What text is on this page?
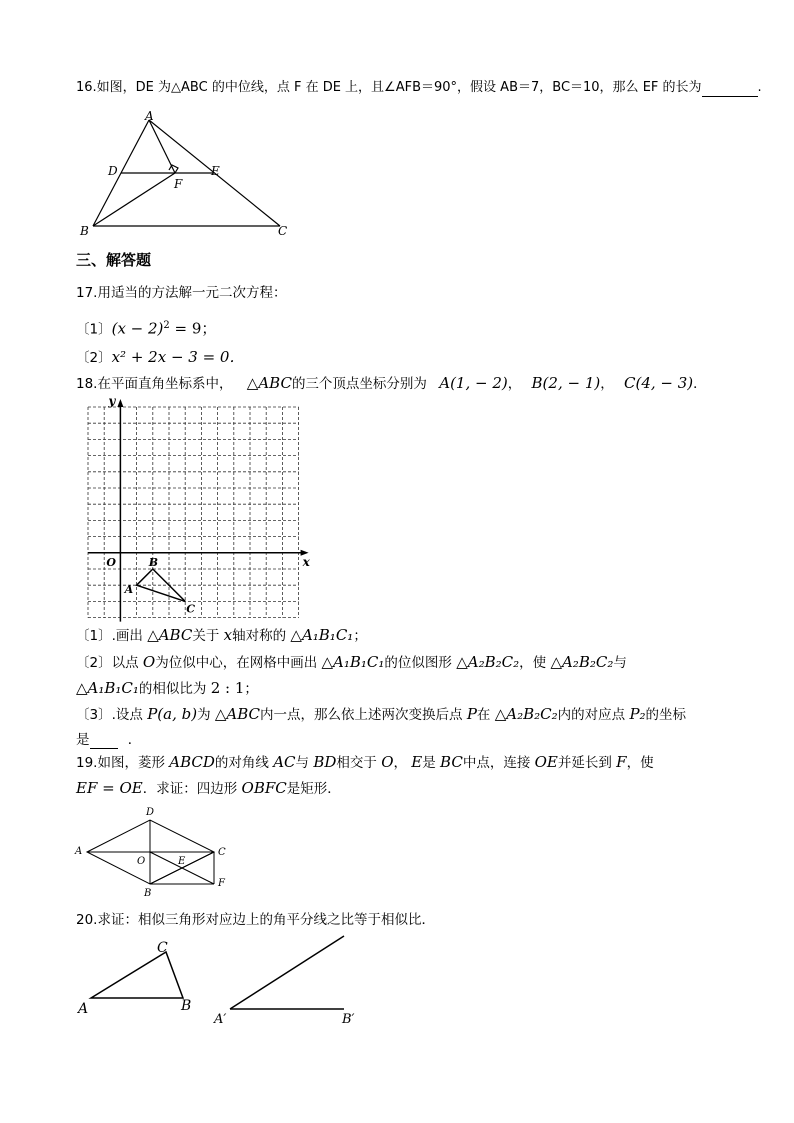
16.如图，DE 为△ABC 的中位线，点 F 在 DE 上，且∠AFB＝90°，假设 AB＝7，BC＝10，那么 EF 的长为	.
A
D	E
F
B	C
三、解答题
17.用适当的方法解一元二次方程：
〔1〕$(x - 2)^2 = 9$；
〔2〕x² + 2x − 3 = 0．
18.在平面直角坐标系中， △ABC的三个顶点坐标分别为 A(1, − 2)， B(2, − 1)， C(4, − 3)．
x
y
O
A
B
C
〔1〕.画出 △ABC关于 x轴对称的 △A₁B₁C₁；
〔2〕以点 O为位似中心，在网格中画出 △A₁B₁C₁的位似图形 △A₂B₂C₂，使 △A₂B₂C₂与
△A₁B₁C₁的相似比为 2 : 1；
〔3〕.设点 P(a, b)为 △ABC内一点，那么依上述两次变换后点 P在 △A₂B₂C₂内的对应点 P₂的坐标
是	．
19.如图，菱形 ABCD的对角线 AC与 BD相交于 O， E是 BC中点，连接 OE并延长到 F，使
EF = OE．求证：四边形 OBFC是矩形．
D
A	C
O	E
F
B
20.求证：相似三角形对应边上的角平分线之比等于相似比．
C
A	B
A′	B′
